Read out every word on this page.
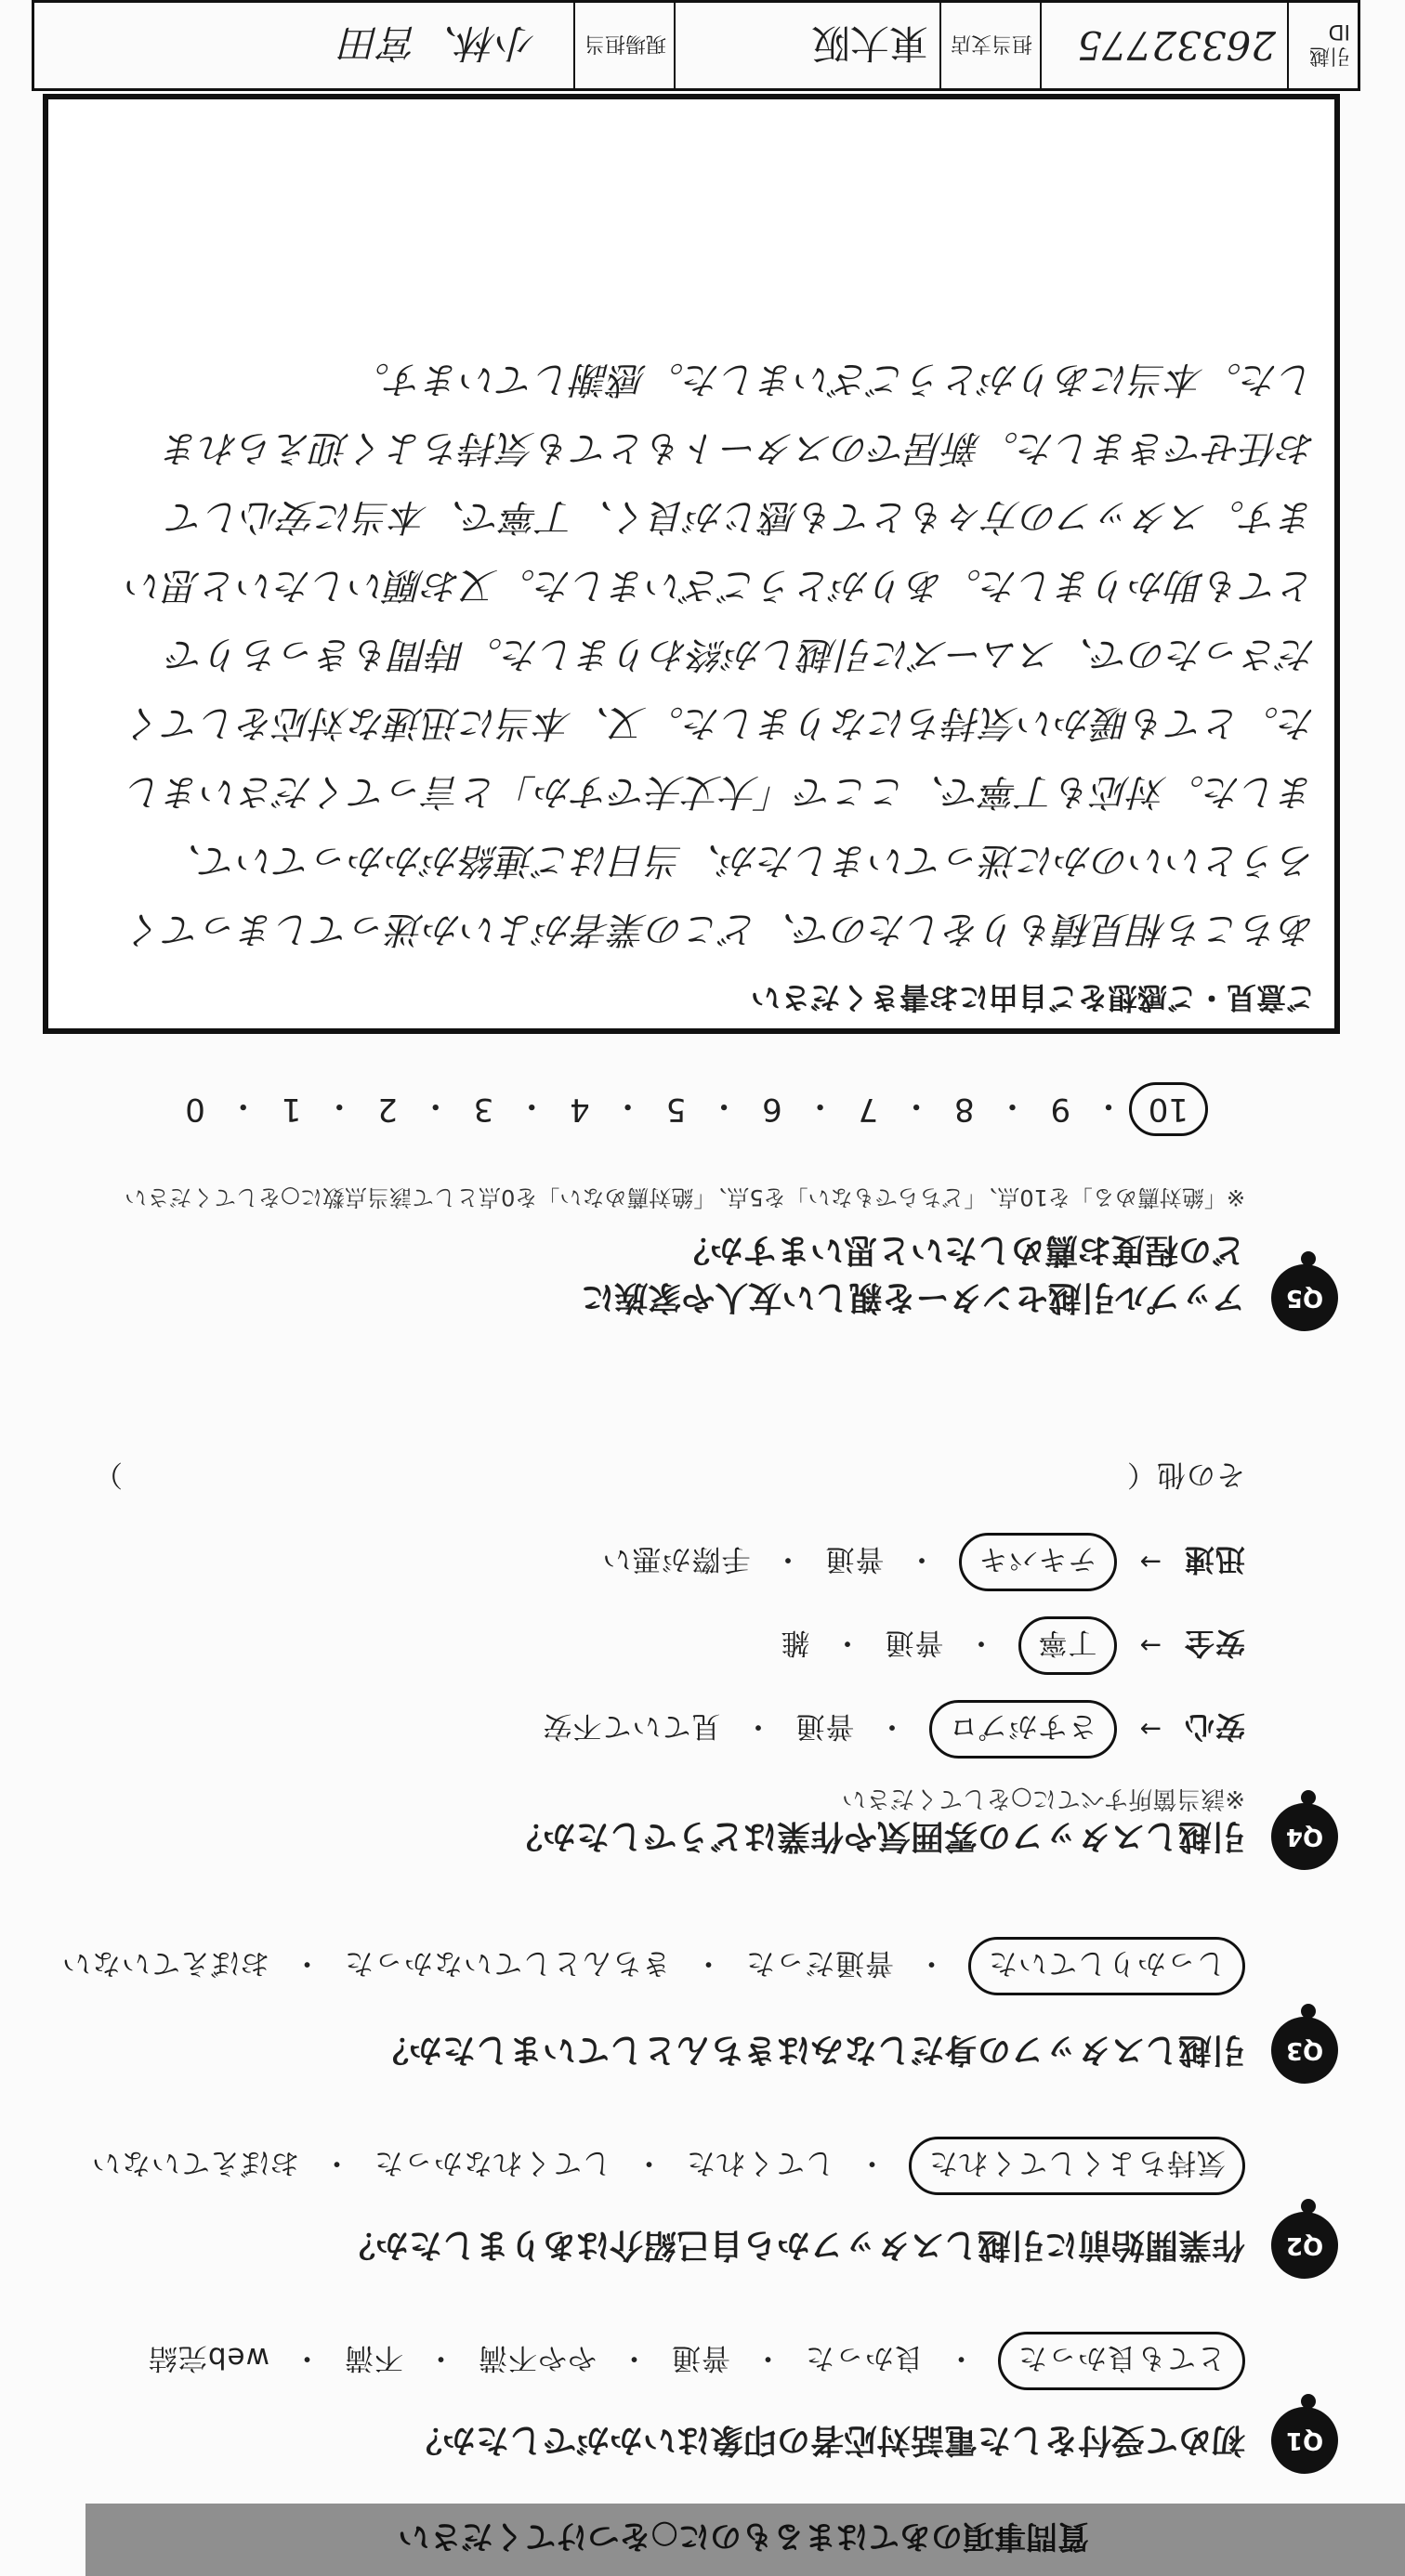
質問事項のあてはまるものに○をつけてください
Q1
初めて受付をした電話対応者の印象はいかがでしたか？
とても良かった
・
良かった
・
普通
・
やや不満
・
不満
・
web完結
Q2
作業開始前に引越しスタッフから自己紹介はありましたか？
気持ちよくしてくれた
・
してくれた
・
してくれなかった
・
おぼえていない
Q3
引越しスタッフの身だしなみはきちんとしていましたか？
しっかりしていた
・
普通だった
・
きちんとしていなかった
・
おぼえていない
Q4
引越しスタッフの雰囲気や作業はどうでしたか？
※該当箇所すべてに○をしてください
安心
→
さすがプロ
・
普通
・
見ていて不安
安全
→
丁寧
・
普通
・
雑
迅速
→
テキパキ
・
普通
・
手際が悪い
その他（
）
Q5
アップル引越センターを親しい友人や家族に
どの程度お薦めしたいと思いますか？
※「絶対薦める」を10点、「どちらでもない」を5点、「絶対薦めない」を0点として該当点数に○をしてください
10
・
9
・
8
・
7
・
6
・
5
・
4
・
3
・
2
・
1
・
0
ご意見・ご感想をご自由にお書きください
あちこち相見積もりをしたので、どこの業者がよいか迷ってしまってく
ろうといいのかに迷っていましたが、当日はご連絡がかかっていて、
ました。対応も丁寧で、ここで「大丈夫ですか」と言ってくださいまし
た。とても暖かい気持ちになりました。又、本当に迅速な対応をしてく
ださったので、スムーズに引越しが終わりました。時間もきっちりで
とても助かりました。ありがとうございました。又お願いしたいと思い
ます。スタッフの方々もとても感じが良く、丁寧で、本当に安心して
お任せできました。新居でのスタートもとても気持ちよく迎えられま
した。本当にありがとうございました。感謝しています。
引越ID
26332775
担当支店
東大阪
現場担当
小林、宮田
